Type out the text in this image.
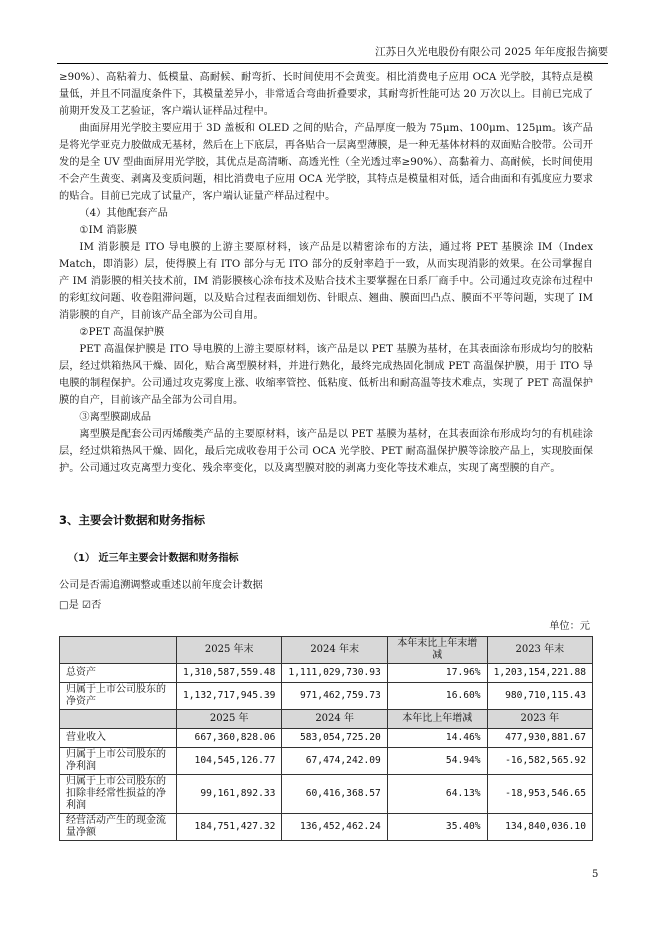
江苏日久光电股份有限公司 2025 年年度报告摘要

≥90%）、高粘着力、低模量、高耐候、耐弯折、长时间使用不会黄变。相比消费电子应用 OCA 光学胶，其特点是模量低，并且不同温度条件下，其模量差异小，非常适合弯曲折叠要求，其耐弯折性能可达 20 万次以上。目前已完成了前期开发及工艺验证，客户端认证样品过程中。

曲面屏用光学胶主要应用于 3D 盖板和 OLED 之间的贴合，产品厚度一般为 75μm、100μm、125μm。该产品是将光学亚克力胶做成无基材，然后在上下底层，再各贴合一层离型薄膜，是一种无基体材料的双面贴合胶带。公司开发的是全 UV 型曲面屏用光学胶，其优点是高清晰、高透光性（全光透过率≥90%）、高黏着力、高耐候，长时间使用不会产生黄变、剥离及变质问题，相比消费电子应用 OCA 光学胶，其特点是模量相对低，适合曲面和有弧度应力要求的贴合。目前已完成了试量产，客户端认证量产样品过程中。

（4）其他配套产品

①IM 消影膜

IM 消影膜是 ITO 导电膜的上游主要原材料，该产品是以精密涂布的方法，通过将 PET 基膜涂 IM（Index Match，即消影）层，使得膜上有 ITO 部分与无 ITO 部分的反射率趋于一致，从而实现消影的效果。在公司掌握自产 IM 消影膜的相关技术前，IM 消影膜核心涂布技术及贴合技术主要掌握在日系厂商手中。公司通过攻克涂布过程中的彩虹纹问题、收卷阻滞问题，以及贴合过程表面细划伤、针眼点、翘曲、膜面凹凸点、膜面不平等问题，实现了 IM 消影膜的自产，目前该产品全部为公司自用。

②PET 高温保护膜

PET 高温保护膜是 ITO 导电膜的上游主要原材料，该产品是以 PET 基膜为基材，在其表面涂布形成均匀的胶粘层，经过烘箱热风干燥、固化，贴合离型膜材料，并进行熟化，最终完成热固化制成 PET 高温保护膜，用于 ITO 导电膜的制程保护。公司通过攻克雾度上涨、收缩率管控、低粘度、低析出和耐高温等技术难点，实现了 PET 高温保护膜的自产，目前该产品全部为公司自用。

③离型膜副成品

离型膜是配套公司丙烯酸类产品的主要原材料，该产品是以 PET 基膜为基材，在其表面涂布形成均匀的有机硅涂层，经过烘箱热风干燥、固化，最后完成收卷用于公司 OCA 光学胶、PET 耐高温保护膜等涂胶产品上，实现胶面保护。公司通过攻克离型力变化、残余率变化，以及离型膜对胶的剥离力变化等技术难点，实现了离型膜的自产。

3、主要会计数据和财务指标
（1） 近三年主要会计数据和财务指标
公司是否需追溯调整或重述以前年度会计数据
□是 ☑否
单位：元
	2025 年末	2024 年末	本年末比上年末增减	2023 年末
总资产	1,310,587,559.48	1,111,029,730.93	17.96%	1,203,154,221.88
归属于上市公司股东的净资产	1,132,717,945.39	971,462,759.73	16.60%	980,710,115.43
	2025 年	2024 年	本年比上年增减	2023 年
营业收入	667,360,828.06	583,054,725.20	14.46%	477,930,881.67
归属于上市公司股东的净利润	104,545,126.77	67,474,242.09	54.94%	-16,582,565.92
归属于上市公司股东的扣除非经常性损益的净利润	99,161,892.33	60,416,368.57	64.13%	-18,953,546.65
经营活动产生的现金流量净额	184,751,427.32	136,452,462.24	35.40%	134,840,036.10
5
